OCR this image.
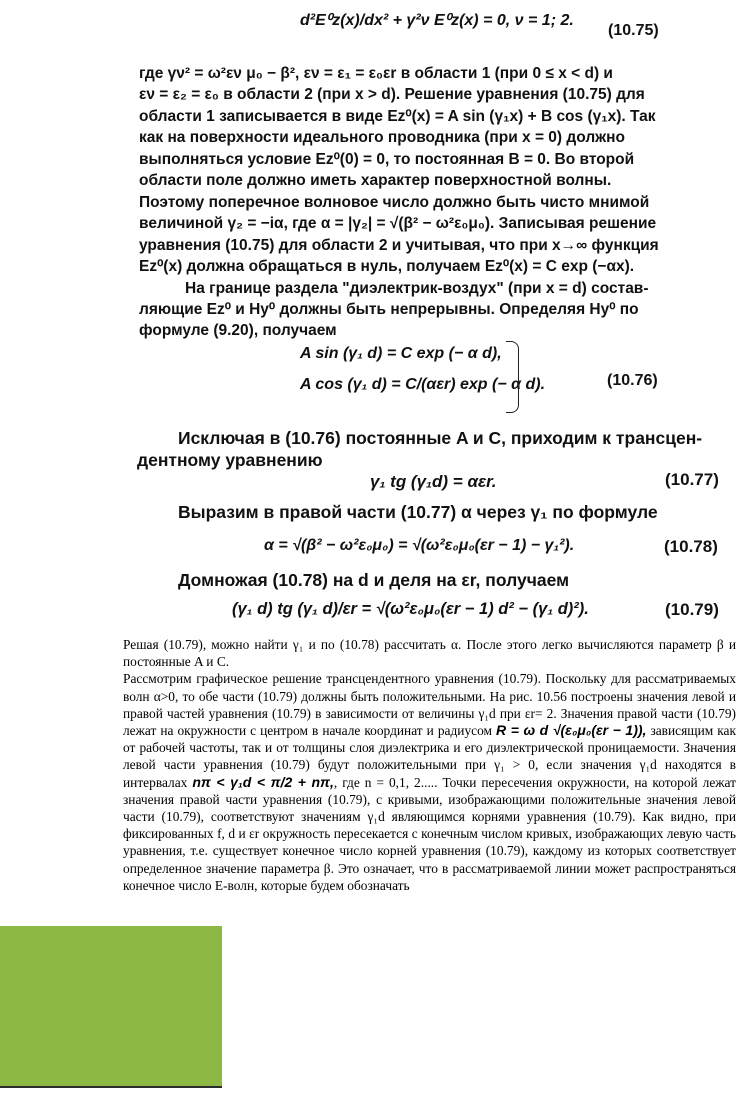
d²E⁰z(x)/dx² + γ²ν E⁰z(x) = 0, ν = 1; 2.
(10.75)
где γν² = ω²εν μ₀ − β², εν = ε₁ = ε₀εr в области 1 (при 0 ≤ x < d) и
εν = ε₂ = ε₀ в области 2 (при x > d). Решение уравнения (10.75) для
области 1 записывается в виде Ez⁰(x) = A sin (γ₁x) + B cos (γ₁x). Так
как на поверхности идеального проводника (при x = 0) должно
выполняться условие Ez⁰(0) = 0, то постоянная B = 0. Во второй
области поле должно иметь характер поверхностной волны.
Поэтому поперечное волновое число должно быть чисто мнимой
величиной γ₂ = −iα, где α = |γ₂| = √(β² − ω²ε₀μ₀). Записывая решение
уравнения (10.75) для области 2 и учитывая, что при x→∞ функция
Ez⁰(x) должна обращаться в нуль, получаем Ez⁰(x) = C exp (−αx).
На границе раздела "диэлектрик-воздух" (при x = d) состав-
ляющие Ez⁰ и Hy⁰ должны быть непрерывны. Определяя Hy⁰ по
формуле (9.20), получаем
A sin (γ₁ d) = C exp (− α d),
A cos (γ₁ d) = C/(αεr) exp (− α d).	(10.76)
Исключая в (10.76) постоянные A и C, приходим к трансцен-
дентному уравнению
γ₁ tg (γ₁d) = αεr.	(10.77)
Выразим в правой части (10.77) α через γ₁ по формуле
α = √(β² − ω²ε₀μ₀) = √(ω²ε₀μ₀(εr − 1) − γ₁²).	(10.78)
Домножая (10.78) на d и деля на εr, получаем
(γ₁ d) tg (γ₁ d)/εr = √(ω²ε₀μ₀(εr − 1) d² − (γ₁ d)²).	(10.79)

Решая (10.79), можно найти γ₁ и по (10.78) рассчитать α. После этого легко вычисляются параметр β и постоянные A и C.

Рассмотрим графическое решение трансцендентного уравнения (10.79). Поскольку для рассматриваемых волн α>0, то обе части (10.79) должны быть положительными. На рис. 10.56 построены значения левой и правой частей уравнения (10.79) в зависимости от величины γ₁d при εr= 2. Значения правой части (10.79) лежат на окружности с центром в начале координат и радиусом R = ω d √(ε₀μ₀(εr − 1)), зависящим как от рабочей частоты, так и от толщины слоя диэлектрика и его диэлектрической проницаемости. Значения левой части уравнения (10.79) будут положительными при γ₁ > 0, если значения γ₁d находятся в интервалах nπ < γ₁d < π/2 + nπ,, где n = 0,1, 2..... Точки пересечения окружности, на которой лежат значения правой части уравнения (10.79), с кривыми, изображающими положительные значения левой части (10.79), соответствуют значениям γ₁d являющимся корнями уравнения (10.79). Как видно, при фиксированных f, d и εr окружность пересекается с конечным числом кривых, изображающих левую часть уравнения, т.е. существует конечное число корней уравнения (10.79), каждому из которых соответствует определенное значение параметра β. Это означает, что в рассматриваемой линии может распространяться конечное число E-волн, которые будем обозначать
